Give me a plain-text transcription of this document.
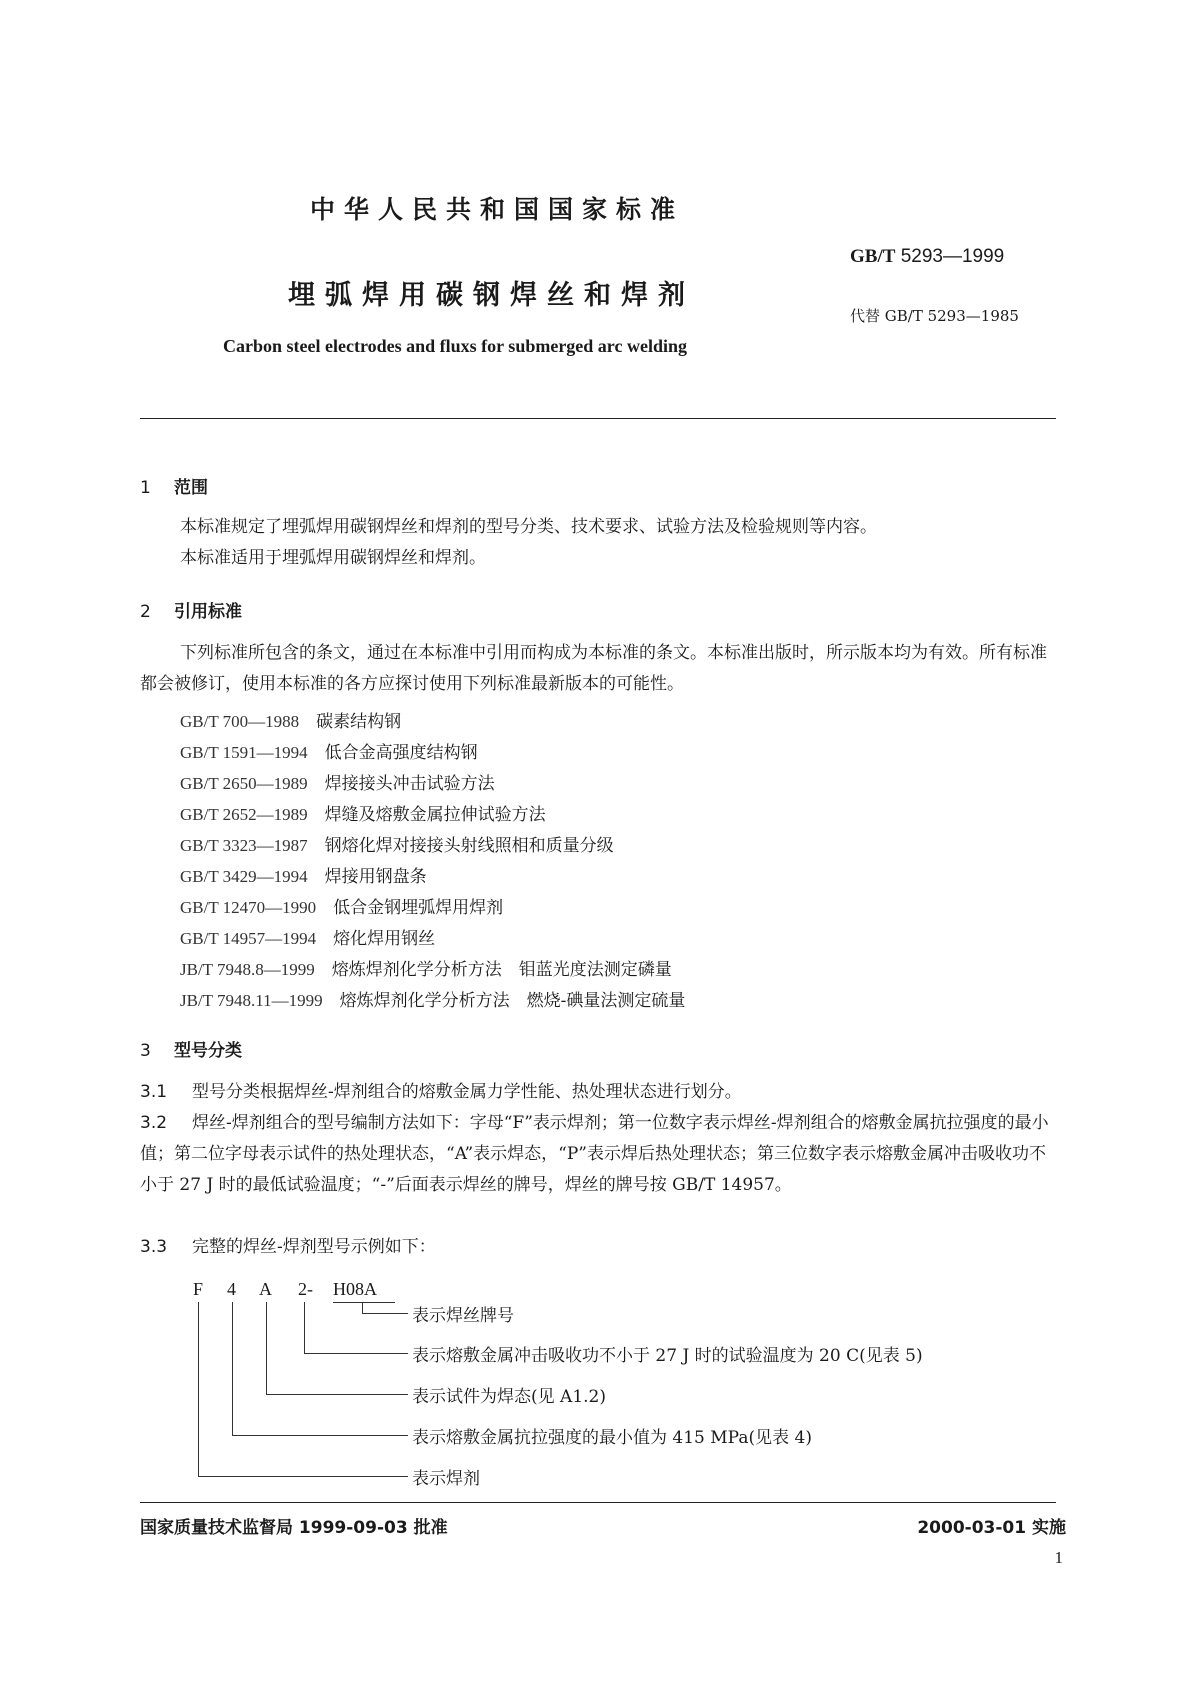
中华人民共和国国家标准
GB/T 5293—1999
埋弧焊用碳钢焊丝和焊剂
代替 GB/T 5293—1985
Carbon steel electrodes and fluxs for submerged arc welding
1 范围
本标准规定了埋弧焊用碳钢焊丝和焊剂的型号分类、技术要求、试验方法及检验规则等内容。
本标准适用于埋弧焊用碳钢焊丝和焊剂。
2 引用标准
下列标准所包含的条文，通过在本标准中引用而构成为本标准的条文。本标准出版时，所示版本均为有效。所有标准都会被修订，使用本标准的各方应探讨使用下列标准最新版本的可能性。
GB/T 700—1988　 碳素结构钢
GB/T 1591—1994　 低合金高强度结构钢
GB/T 2650—1989　 焊接接头冲击试验方法
GB/T 2652—1989　 焊缝及熔敷金属拉伸试验方法
GB/T 3323—1987　 钢熔化焊对接接头射线照相和质量分级
GB/T 3429—1994　 焊接用钢盘条
GB/T 12470—1990　 低合金钢埋弧焊用焊剂
GB/T 14957—1994　 熔化焊用钢丝
JB/T 7948.8—1999　 熔炼焊剂化学分析方法　钼蓝光度法测定磷量
JB/T 7948.11—1999　 熔炼焊剂化学分析方法　燃烧-碘量法测定硫量
3 型号分类
3.1 型号分类根据焊丝-焊剂组合的熔敷金属力学性能、热处理状态进行划分。
3.2 焊丝-焊剂组合的型号编制方法如下：字母“F”表示焊剂；第一位数字表示焊丝-焊剂组合的熔敷金属抗拉强度的最小值；第二位字母表示试件的热处理状态，“A”表示焊态，“P”表示焊后热处理状态；第三位数字表示熔敷金属冲击吸收功不小于 27 J 时的最低试验温度；“-”后面表示焊丝的牌号，焊丝的牌号按 GB/T 14957。
3.3 完整的焊丝-焊剂型号示例如下：
F 4 A 2- H08A
表示焊丝牌号
表示熔敷金属冲击吸收功不小于 27 J 时的试验温度为 20 C(见表 5)
表示试件为焊态(见 A1.2)
表示熔敷金属抗拉强度的最小值为 415 MPa(见表 4)
表示焊剂
国家质量技术监督局 1999-09-03 批准	2000-03-01 实施
1
